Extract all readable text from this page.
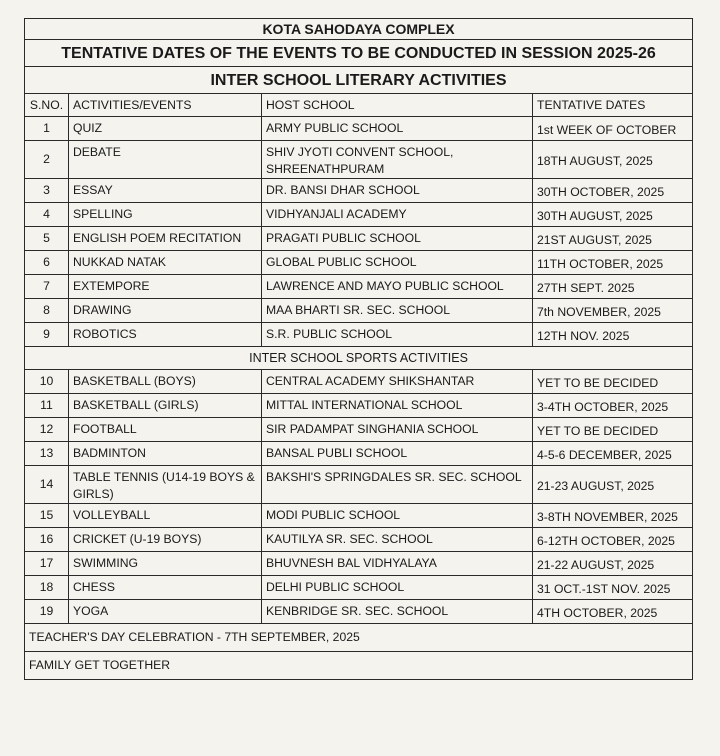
KOTA SAHODAYA COMPLEX			
TENTATIVE DATES OF THE EVENTS TO BE CONDUCTED IN SESSION 2025-26			
INTER SCHOOL LITERARY ACTIVITIES			
S.NO.	ACTIVITIES/EVENTS	HOST SCHOOL	TENTATIVE DATES
1	QUIZ	ARMY PUBLIC SCHOOL	1st WEEK OF OCTOBER
2	DEBATE	SHIV JYOTI CONVENT SCHOOL, SHREENATHPURAM	18TH AUGUST, 2025
3	ESSAY	DR. BANSI DHAR SCHOOL	30TH OCTOBER, 2025
4	SPELLING	VIDHYANJALI ACADEMY	30TH AUGUST, 2025
5	ENGLISH POEM RECITATION	PRAGATI PUBLIC SCHOOL	21ST AUGUST, 2025
6	NUKKAD NATAK	GLOBAL PUBLIC SCHOOL	11TH OCTOBER, 2025
7	EXTEMPORE	LAWRENCE AND MAYO PUBLIC SCHOOL	27TH SEPT. 2025
8	DRAWING	MAA BHARTI SR. SEC. SCHOOL	7th NOVEMBER, 2025
9	ROBOTICS	S.R. PUBLIC SCHOOL	12TH NOV. 2025
INTER SCHOOL SPORTS ACTIVITIES			
10	BASKETBALL (BOYS)	CENTRAL ACADEMY SHIKSHANTAR	YET TO BE DECIDED
11	BASKETBALL (GIRLS)	MITTAL INTERNATIONAL SCHOOL	3-4TH OCTOBER, 2025
12	FOOTBALL	SIR PADAMPAT SINGHANIA SCHOOL	YET TO BE DECIDED
13	BADMINTON	BANSAL PUBLI SCHOOL	4-5-6 DECEMBER, 2025
14	TABLE TENNIS (U14-19 BOYS & GIRLS)	BAKSHI'S SPRINGDALES SR. SEC. SCHOOL	21-23 AUGUST, 2025
15	VOLLEYBALL	MODI PUBLIC SCHOOL	3-8TH NOVEMBER, 2025
16	CRICKET (U-19 BOYS)	KAUTILYA SR. SEC. SCHOOL	6-12TH OCTOBER, 2025
17	SWIMMING	BHUVNESH BAL VIDHYALAYA	21-22 AUGUST, 2025
18	CHESS	DELHI PUBLIC SCHOOL	31 OCT.-1ST NOV. 2025
19	YOGA	KENBRIDGE SR. SEC. SCHOOL	4TH OCTOBER, 2025
TEACHER'S DAY CELEBRATION - 7TH SEPTEMBER, 2025			
FAMILY GET TOGETHER			
